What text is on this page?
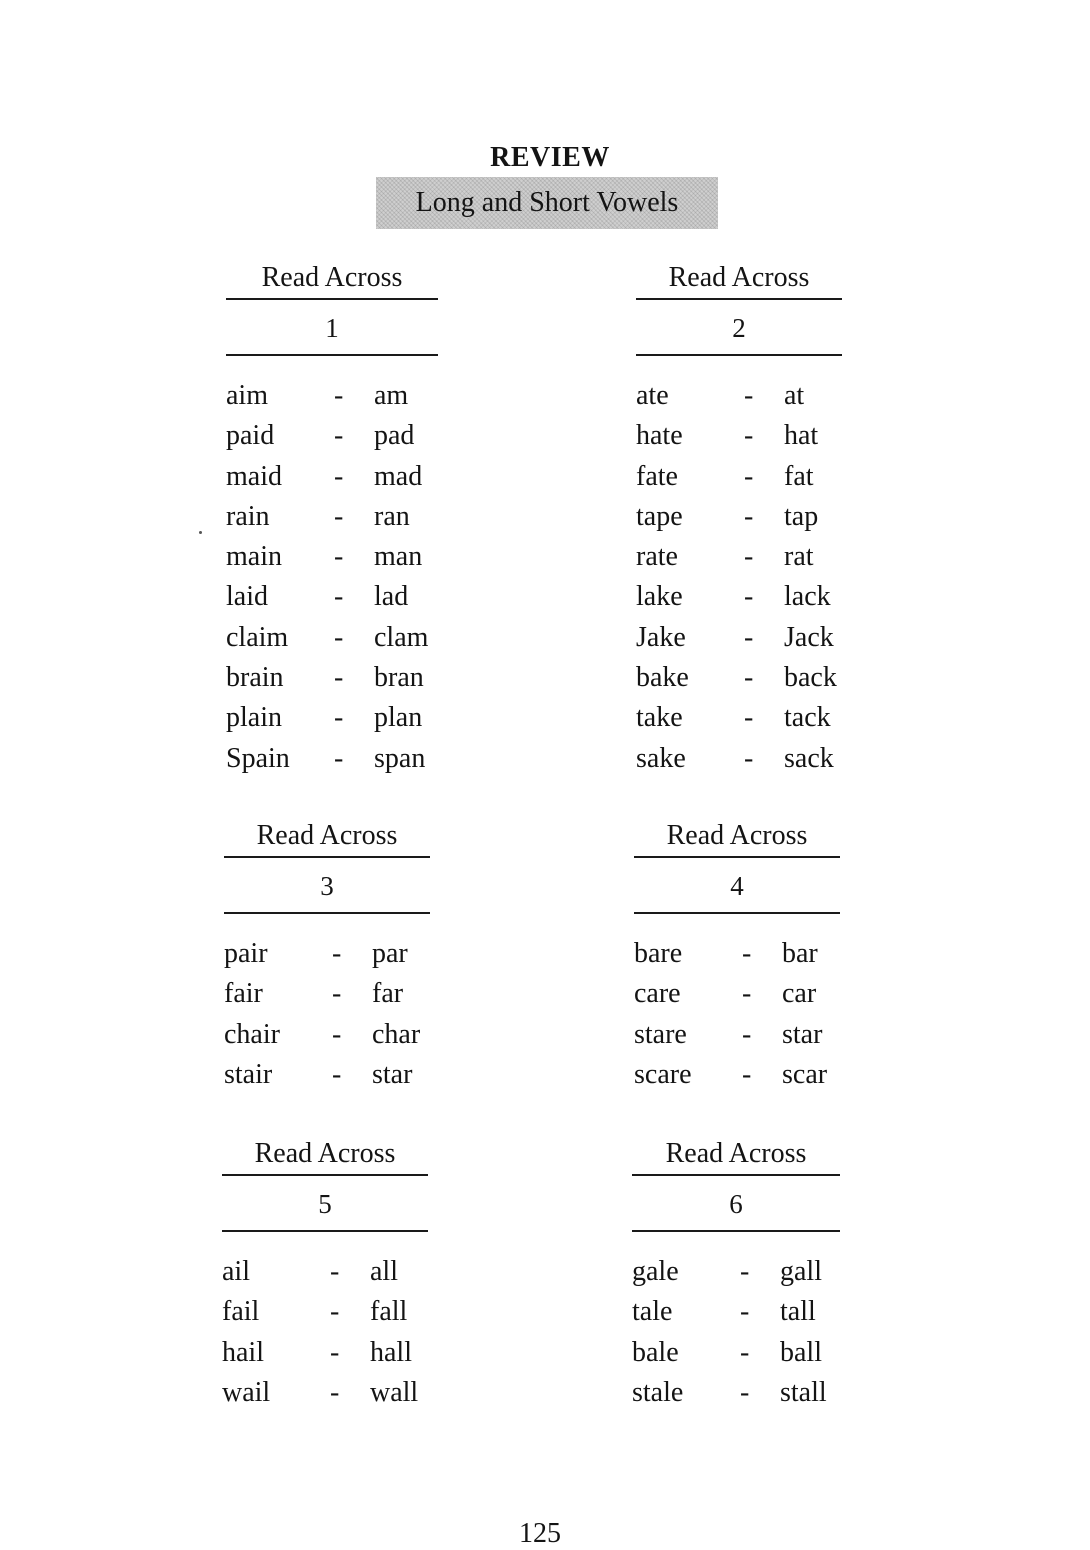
REVIEW
Long and Short Vowels
Read Across
1
aim - am
paid - pad
maid - mad
rain - ran
main - man
laid - lad
claim - clam
brain - bran
plain - plan
Spain - span
Read Across
2
ate	- at
hate - hat
fate - fat
tape - tap
rate - rat
lake - lack
Jake - Jack
bake - back
take - tack
sake - sack
Read Across
3
pair - par
fair - far
chair - char
stair - star
Read Across
4
bare - bar
care - car
stare - star
scare - scar
Read Across
5
ail	- all
fail	- fall
hail - hall
wail - wall
Read Across
6
gale - gall
tale - tall
bale - ball
stale - stall
125
